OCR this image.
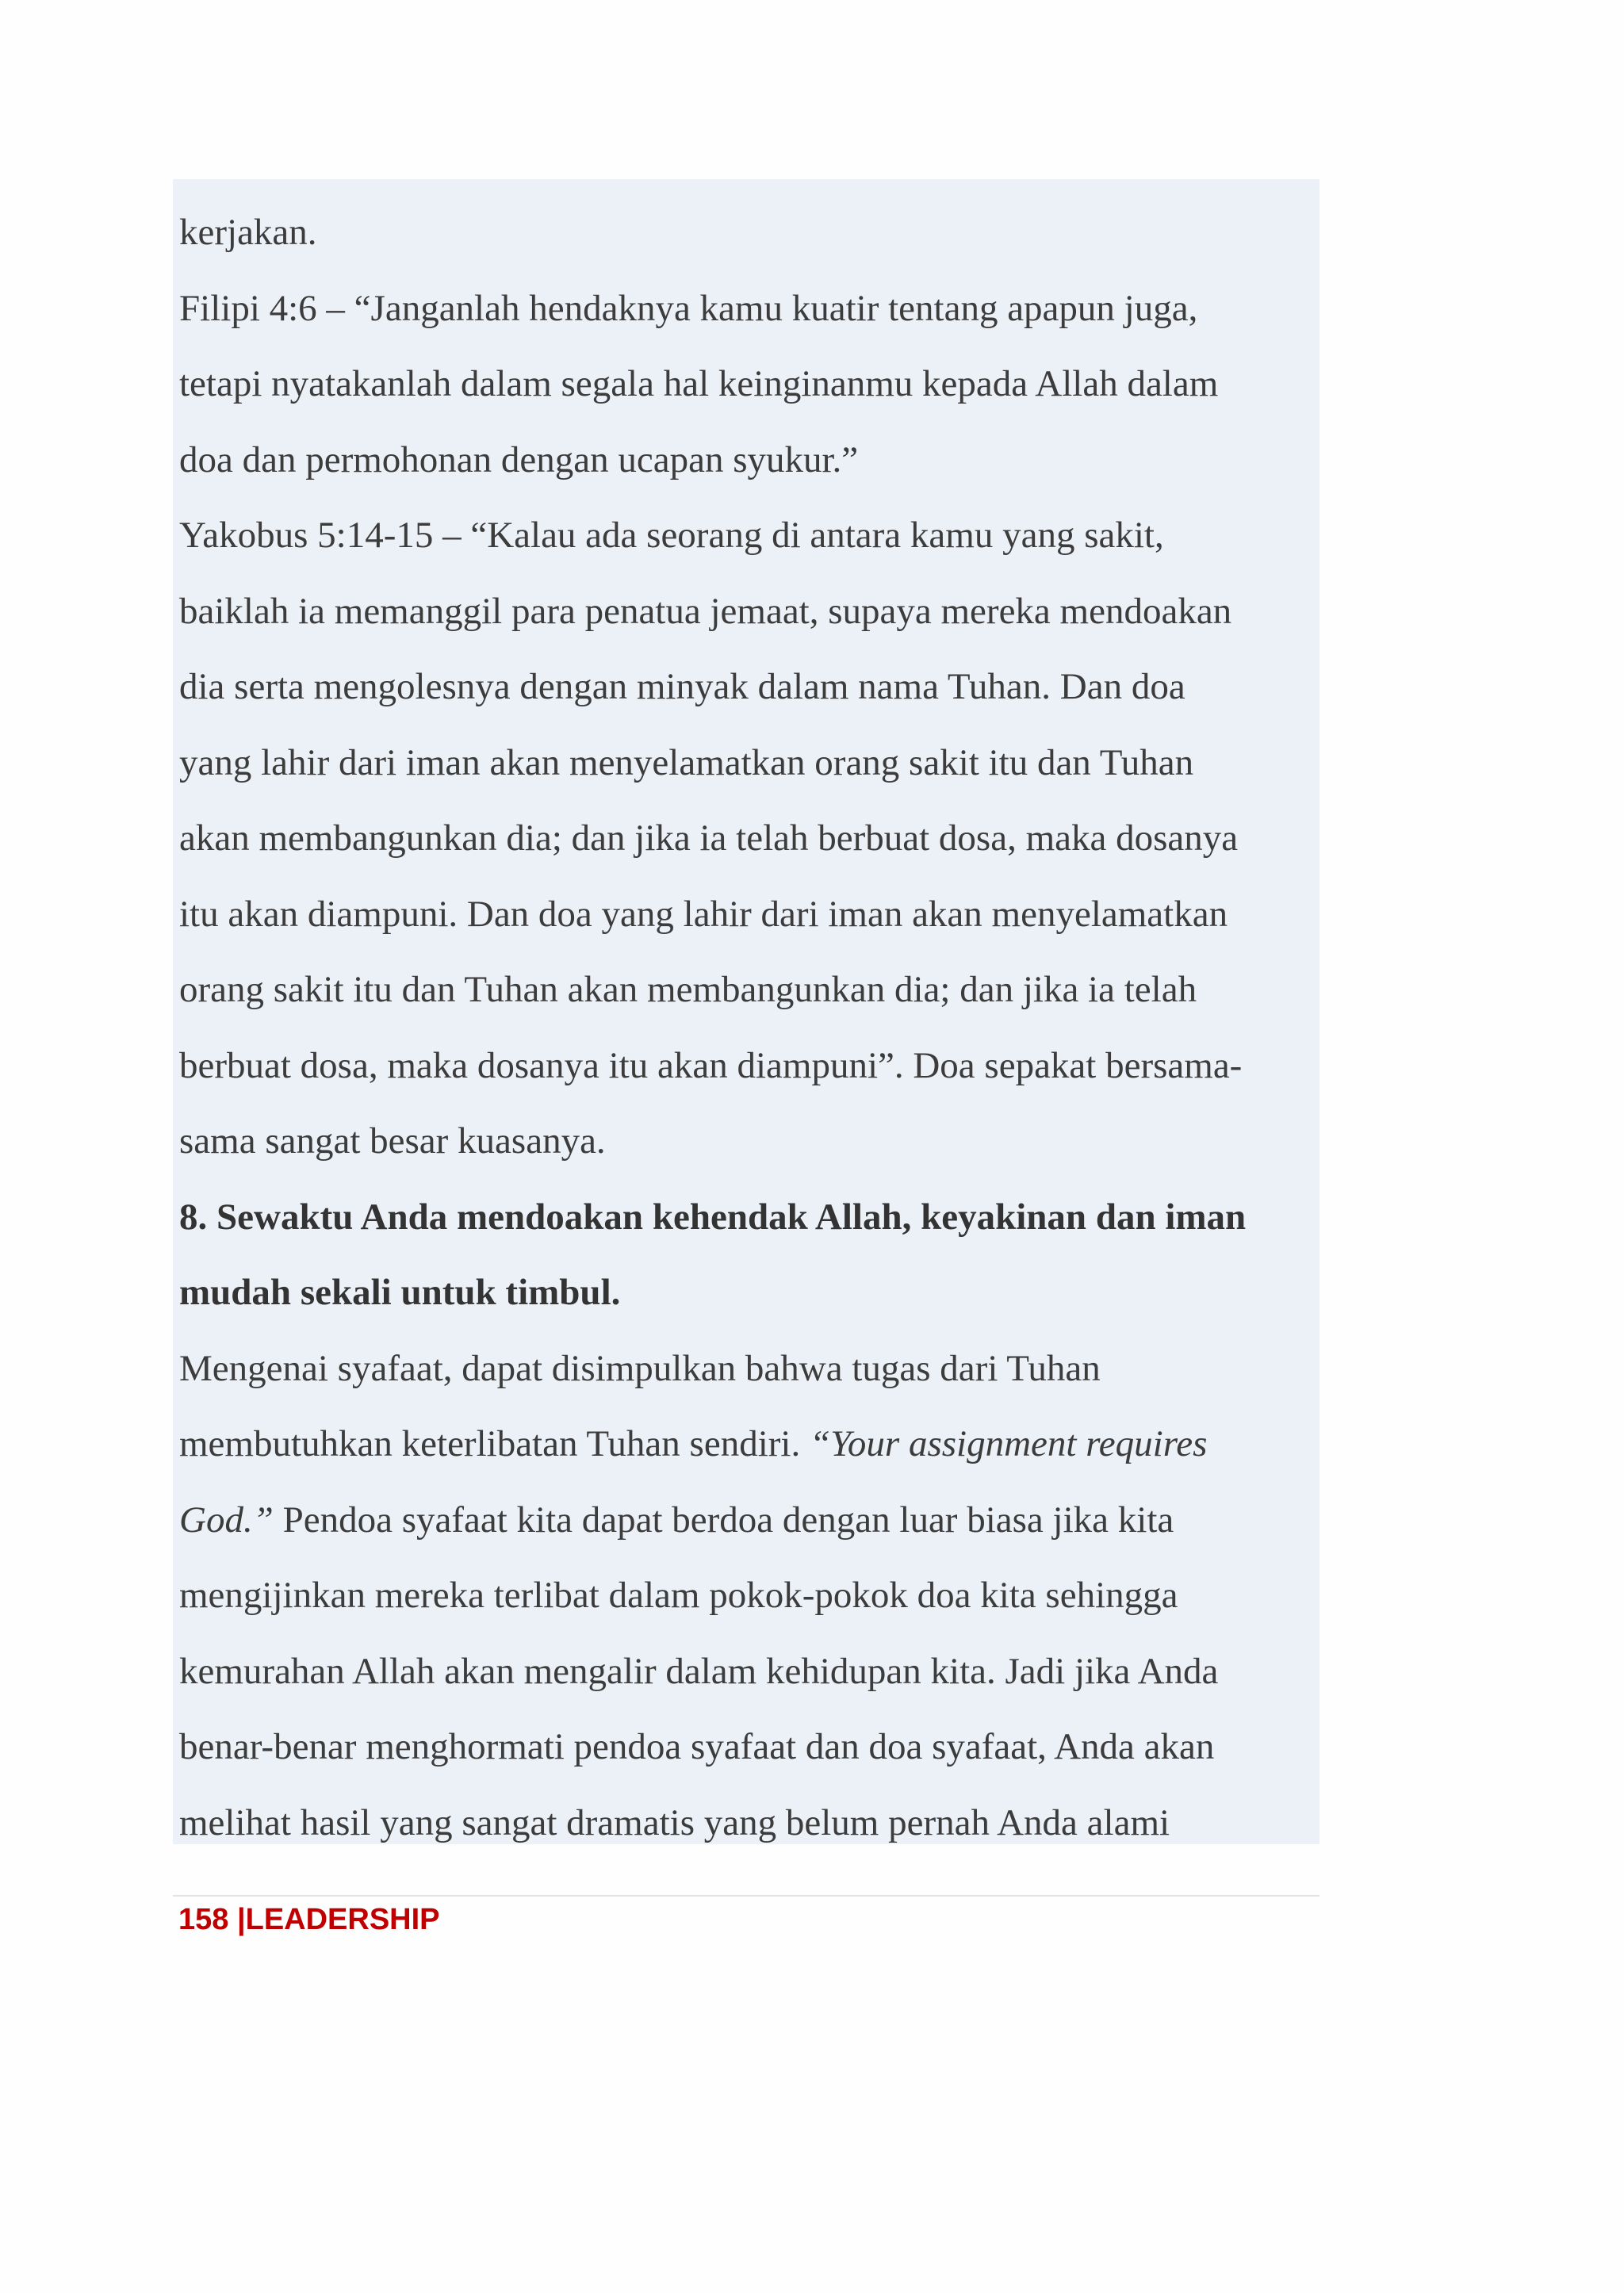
kerjakan.
Filipi 4:6 – “Janganlah hendaknya kamu kuatir tentang apapun juga,
tetapi nyatakanlah dalam segala hal keinginanmu kepada Allah dalam
doa dan permohonan dengan ucapan syukur.”
Yakobus 5:14-15 – “Kalau ada seorang di antara kamu yang sakit,
baiklah ia memanggil para penatua jemaat, supaya mereka mendoakan
dia serta mengolesnya dengan minyak dalam nama Tuhan. Dan doa
yang lahir dari iman akan menyelamatkan orang sakit itu dan Tuhan
akan membangunkan dia; dan jika ia telah berbuat dosa, maka dosanya
itu akan diampuni. Dan doa yang lahir dari iman akan menyelamatkan
orang sakit itu dan Tuhan akan membangunkan dia; dan jika ia telah
berbuat dosa, maka dosanya itu akan diampuni”. Doa sepakat bersama-
sama sangat besar kuasanya.
8. Sewaktu Anda mendoakan kehendak Allah, keyakinan dan iman
mudah sekali untuk timbul.
Mengenai syafaat, dapat disimpulkan bahwa tugas dari Tuhan
membutuhkan keterlibatan Tuhan sendiri. “Your assignment requires
God.” Pendoa syafaat kita dapat berdoa dengan luar biasa jika kita
mengijinkan mereka terlibat dalam pokok-pokok doa kita sehingga
kemurahan Allah akan mengalir dalam kehidupan kita. Jadi jika Anda
benar-benar menghormati pendoa syafaat dan doa syafaat, Anda akan
melihat hasil yang sangat dramatis yang belum pernah Anda alami
158 |LEADERSHIP
